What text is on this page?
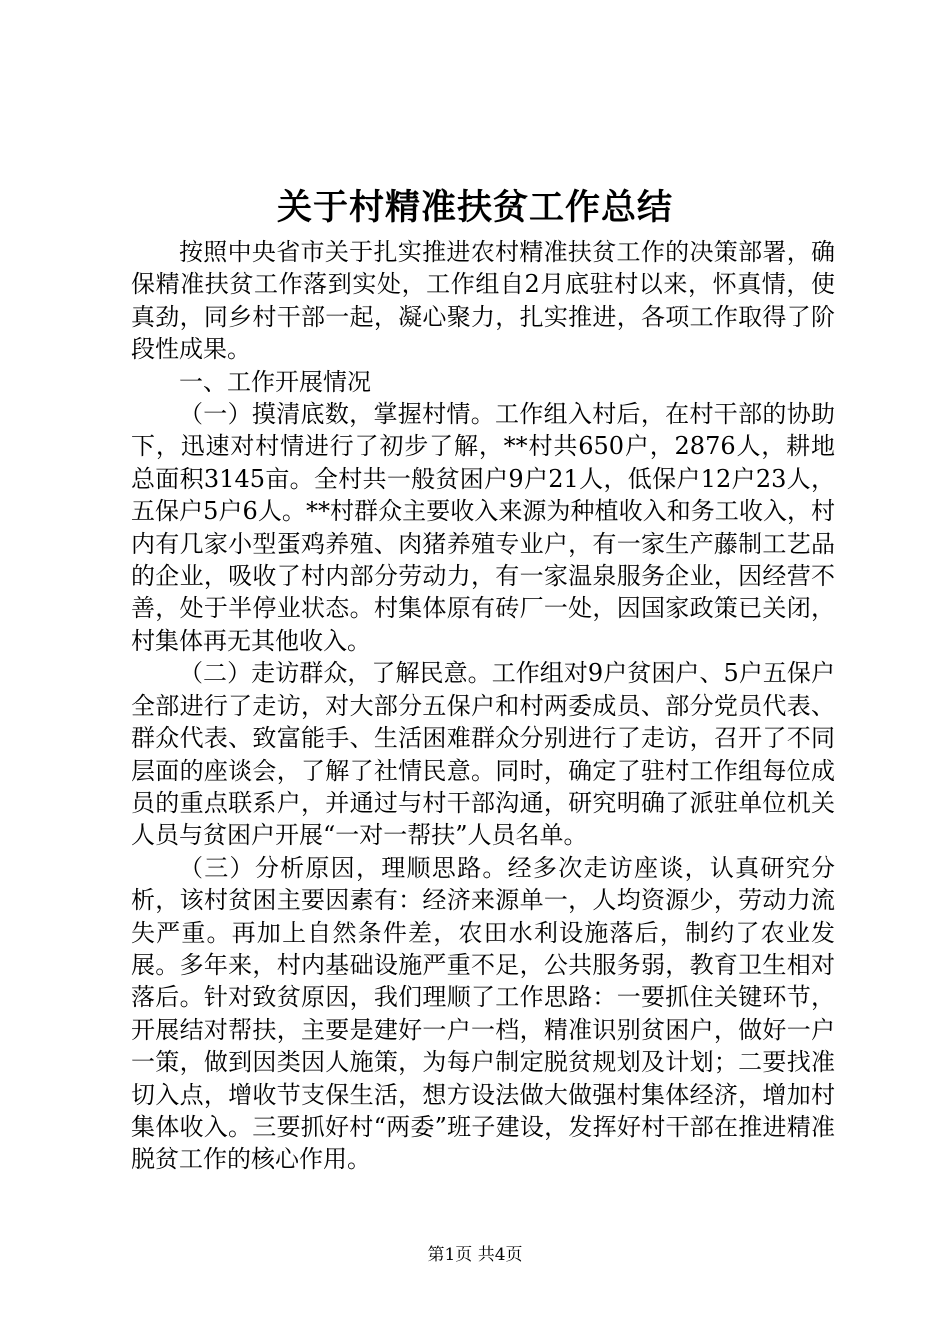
关于村精准扶贫工作总结

按照中央省市关于扎实推进农村精准扶贫工作的决策部署，确保精准扶贫工作落到实处，工作组自2月底驻村以来，怀真情，使真劲，同乡村干部一起，凝心聚力，扎实推进，各项工作取得了阶段性成果。

一、工作开展情况

（一）摸清底数，掌握村情。工作组入村后，在村干部的协助下，迅速对村情进行了初步了解，**村共650户，2876人，耕地总面积3145亩。全村共一般贫困户9户21人，低保户12户23人，五保户5户6人。**村群众主要收入来源为种植收入和务工收入，村内有几家小型蛋鸡养殖、肉猪养殖专业户，有一家生产藤制工艺品的企业，吸收了村内部分劳动力，有一家温泉服务企业，因经营不善，处于半停业状态。村集体原有砖厂一处，因国家政策已关闭，村集体再无其他收入。

（二）走访群众，了解民意。工作组对9户贫困户、5户五保户全部进行了走访，对大部分五保户和村两委成员、部分党员代表、群众代表、致富能手、生活困难群众分别进行了走访，召开了不同层面的座谈会，了解了社情民意。同时，确定了驻村工作组每位成员的重点联系户，并通过与村干部沟通，研究明确了派驻单位机关人员与贫困户开展“一对一帮扶”人员名单。

（三）分析原因，理顺思路。经多次走访座谈，认真研究分析，该村贫困主要因素有：经济来源单一，人均资源少，劳动力流失严重。再加上自然条件差，农田水利设施落后，制约了农业发展。多年来，村内基础设施严重不足，公共服务弱，教育卫生相对落后。针对致贫原因，我们理顺了工作思路：一要抓住关键环节，开展结对帮扶，主要是建好一户一档，精准识别贫困户，做好一户一策，做到因类因人施策，为每户制定脱贫规划及计划；二要找准切入点，增收节支保生活，想方设法做大做强村集体经济，增加村集体收入。三要抓好村“两委”班子建设，发挥好村干部在推进精准脱贫工作的核心作用。

第1页 共4页
